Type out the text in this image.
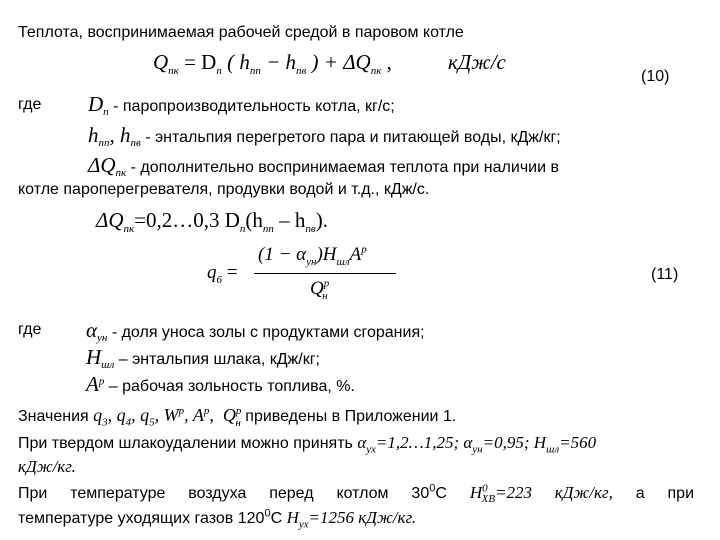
Теплота, воспринимаемая рабочей средой в паровом котле
$Q_{пк} = D_п$ ( $h_{пп} - h_{пв}$ ) + $\Delta Q_{пк}$ ,	кДж/с
(10)
где $D_п$ - паропроизводительность котла, кг/с;
$h_{пп}$, $h_{пв}$ - энтальпия перегретого пара и питающей воды, кДж/кг;
$\Delta Q_{пк}$ - дополнительно воспринимаемая теплота при наличии в
котле пароперегревателя, продувки водой и т.д., кДж/с.
$\Delta Q_{пк}=0,2\dots 0,3$ $D_п(h_{пп} - h_{пв})$.
$q_6$ =
$(1 - \alpha_{ун})H_{шл}A^p$
$Q^p_н$
(11)
где $\alpha_{ун}$ - доля уноса золы с продуктами сгорания;
$H_{шл}$ – энтальпия шлака, кДж/кг;
$A^p$ – рабочая зольность топлива, %.
Значения $q_3$, $q_4$, $q_5$, $W^p$, $A^p$,  $Q^p_н$ приведены в Приложении 1.
При твердом шлакоудалении можно принять $\alpha_{ух}=1,2\dots 1,25$; $\alpha_{ун}=0,95$; $H_{шл}=560$
кДж/кг.
При температуре воздуха перед котлом $30^0С$ $H^0_{ХВ}=223$ кДж/кг, а при
температуре уходящих газов $120^0С$ $H_{ух}=1256$ кДж/кг.
